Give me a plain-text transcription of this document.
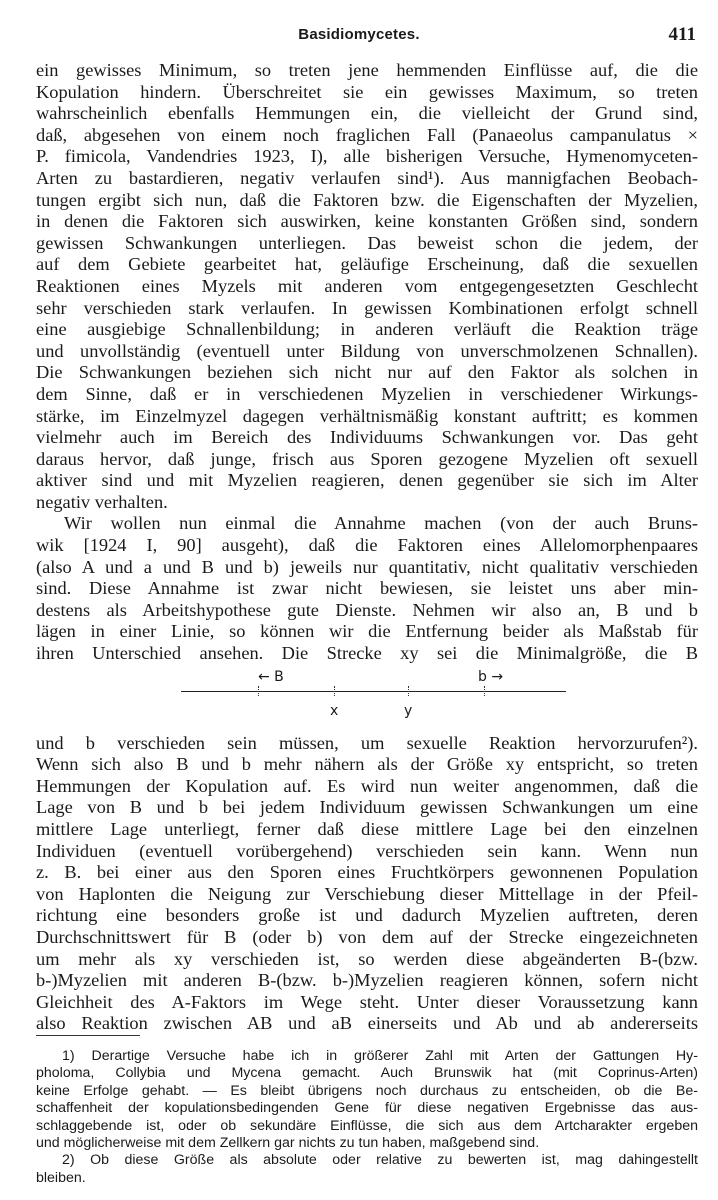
Basidiomycetes.	411
ein gewisses Minimum, so treten jene hemmenden Einflüsse auf, die die
Kopulation hindern. Überschreitet sie ein gewisses Maximum, so treten
wahrscheinlich ebenfalls Hemmungen ein, die vielleicht der Grund sind,
daß, abgesehen von einem noch fraglichen Fall (Panaeolus campanulatus ×
P. fimicola, Vandendries 1923, I), alle bisherigen Versuche, Hymenomyceten-
Arten zu bastardieren, negativ verlaufen sind¹). Aus mannigfachen Beobach-
tungen ergibt sich nun, daß die Faktoren bzw. die Eigenschaften der Myzelien,
in denen die Faktoren sich auswirken, keine konstanten Größen sind, sondern
gewissen Schwankungen unterliegen. Das beweist schon die jedem, der
auf dem Gebiete gearbeitet hat, geläufige Erscheinung, daß die sexuellen
Reaktionen eines Myzels mit anderen vom entgegengesetzten Geschlecht
sehr verschieden stark verlaufen. In gewissen Kombinationen erfolgt schnell
eine ausgiebige Schnallenbildung; in anderen verläuft die Reaktion träge
und unvollständig (eventuell unter Bildung von unverschmolzenen Schnallen).
Die Schwankungen beziehen sich nicht nur auf den Faktor als solchen in
dem Sinne, daß er in verschiedenen Myzelien in verschiedener Wirkungs-
stärke, im Einzelmyzel dagegen verhältnismäßig konstant auftritt; es kommen
vielmehr auch im Bereich des Individuums Schwankungen vor. Das geht
daraus hervor, daß junge, frisch aus Sporen gezogene Myzelien oft sexuell
aktiver sind und mit Myzelien reagieren, denen gegenüber sie sich im Alter
negativ verhalten.
Wir wollen nun einmal die Annahme machen (von der auch Bruns-
wik [1924 I, 90] ausgeht), daß die Faktoren eines Allelomorphenpaares
(also A und a und B und b) jeweils nur quantitativ, nicht qualitativ verschieden
sind. Diese Annahme ist zwar nicht bewiesen, sie leistet uns aber min-
destens als Arbeitshypothese gute Dienste. Nehmen wir also an, B und b
lägen in einer Linie, so können wir die Entfernung beider als Maßstab für
ihren Unterschied ansehen. Die Strecke xy sei die Minimalgröße, die B
← B	b →
x	y
und b verschieden sein müssen, um sexuelle Reaktion hervorzurufen²).
Wenn sich also B und b mehr nähern als der Größe xy entspricht, so treten
Hemmungen der Kopulation auf. Es wird nun weiter angenommen, daß die
Lage von B und b bei jedem Individuum gewissen Schwankungen um eine
mittlere Lage unterliegt, ferner daß diese mittlere Lage bei den einzelnen
Individuen (eventuell vorübergehend) verschieden sein kann. Wenn nun
z. B. bei einer aus den Sporen eines Fruchtkörpers gewonnenen Population
von Haplonten die Neigung zur Verschiebung dieser Mittellage in der Pfeil-
richtung eine besonders große ist und dadurch Myzelien auftreten, deren
Durchschnittswert für B (oder b) von dem auf der Strecke eingezeichneten
um mehr als xy verschieden ist, so werden diese abgeänderten B-(bzw.
b-)Myzelien mit anderen B-(bzw. b-)Myzelien reagieren können, sofern nicht
Gleichheit des A-Faktors im Wege steht. Unter dieser Voraussetzung kann
also Reaktion zwischen AB und aB einerseits und Ab und ab andererseits
1) Derartige Versuche habe ich in größerer Zahl mit Arten der Gattungen Hy-
pholoma, Collybia und Mycena gemacht. Auch Brunswik hat (mit Coprinus-Arten)
keine Erfolge gehabt. — Es bleibt übrigens noch durchaus zu entscheiden, ob die Be-
schaffenheit der kopulationsbedingenden Gene für diese negativen Ergebnisse das aus-
schlaggebende ist, oder ob sekundäre Einflüsse, die sich aus dem Artcharakter ergeben
und möglicherweise mit dem Zellkern gar nichts zu tun haben, maßgebend sind.
2) Ob diese Größe als absolute oder relative zu bewerten ist, mag dahingestellt
bleiben.
